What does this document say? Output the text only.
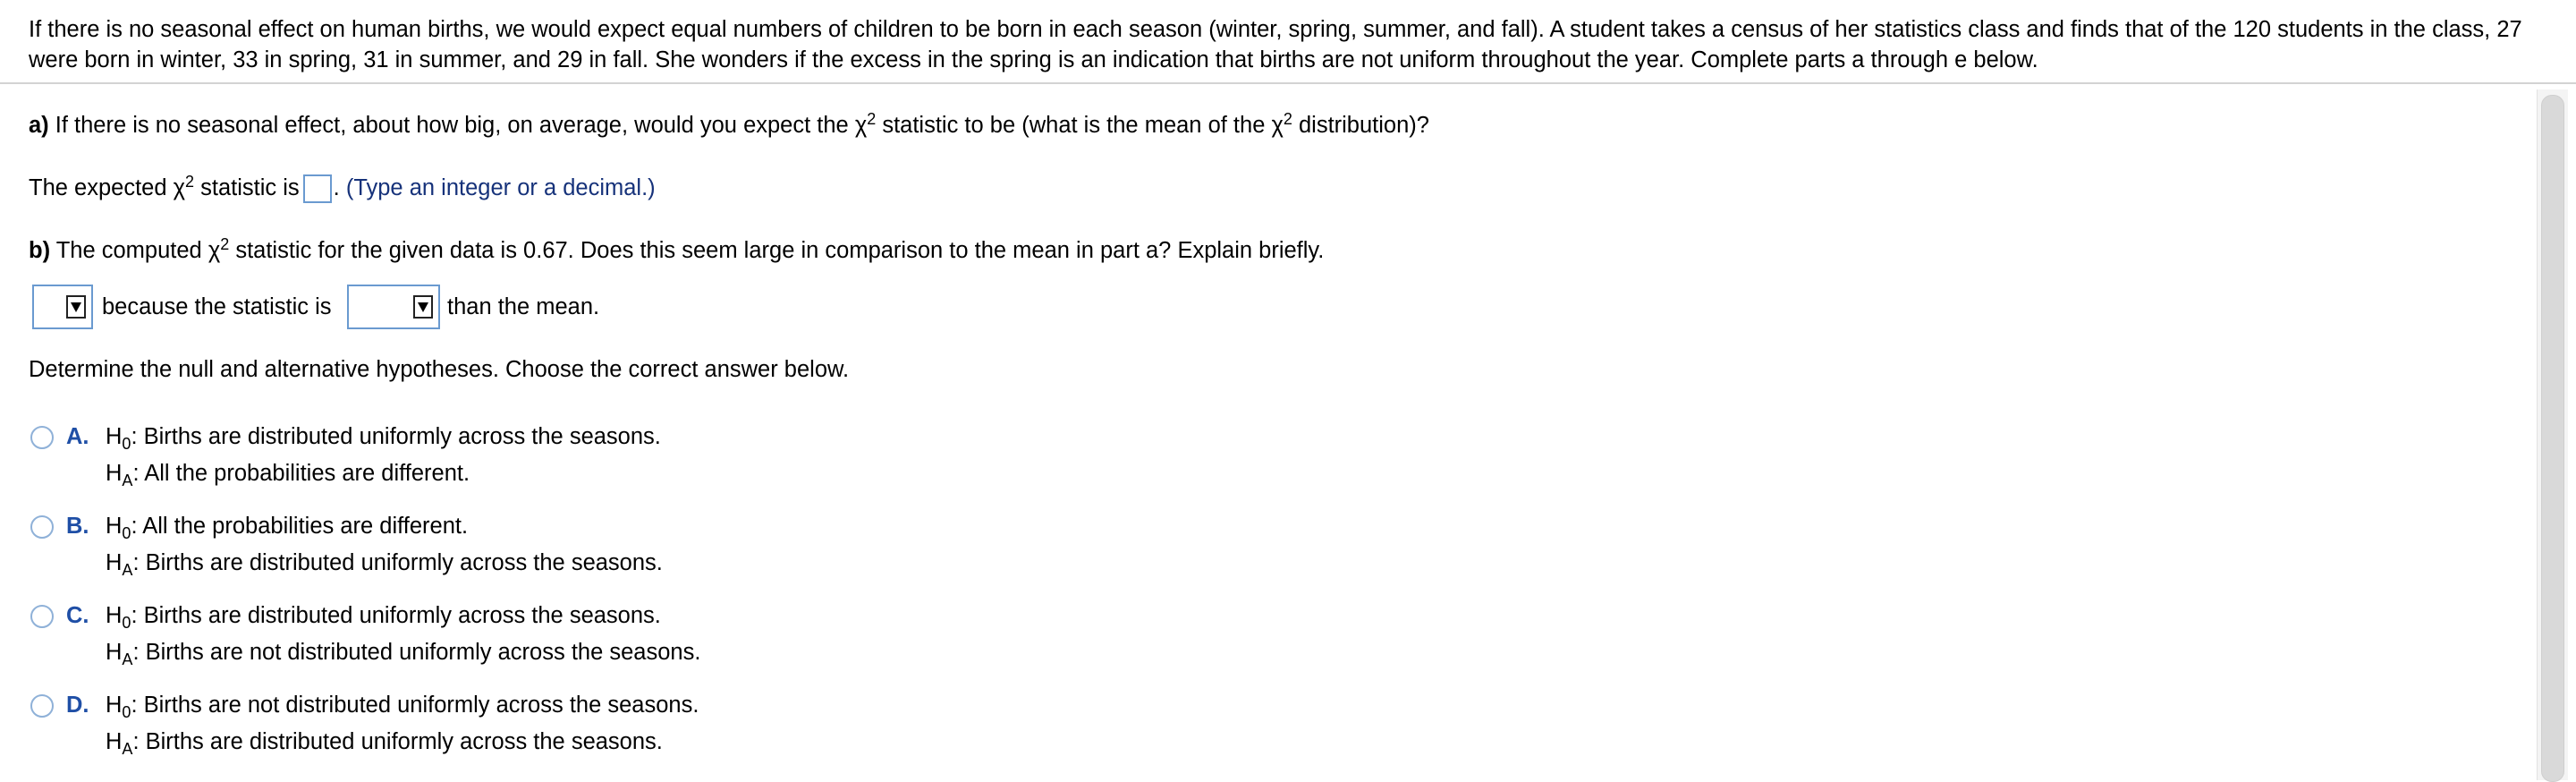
If there is no seasonal effect on human births, we would expect equal numbers of children to be born in each season (winter, spring, summer, and fall). A student takes a census of her statistics class and finds that of the 120 students in the class, 27 were born in winter, 33 in spring, 31 in summer, and 29 in fall. She wonders if the excess in the spring is an indication that births are not uniform throughout the year. Complete parts a through e below.
a) If there is no seasonal effect, about how big, on average, would you expect the $\chi^2$ statistic to be (what is the mean of the $\chi^2$ distribution)?
The expected $\chi^2$ statistic is . (Type an integer or a decimal.)
b) The computed $\chi^2$ statistic for the given data is 0.67. Does this seem large in comparison to the mean in part a? Explain briefly.
because the statistic is	than the mean.
Determine the null and alternative hypotheses. Choose the correct answer below.
A. $H_0$: Births are distributed uniformly across the seasons.
$H_A$: All the probabilities are different.
B. $H_0$: All the probabilities are different.
$H_A$: Births are distributed uniformly across the seasons.
C. $H_0$: Births are distributed uniformly across the seasons.
$H_A$: Births are not distributed uniformly across the seasons.
D. $H_0$: Births are not distributed uniformly across the seasons.
$H_A$: Births are distributed uniformly across the seasons.
